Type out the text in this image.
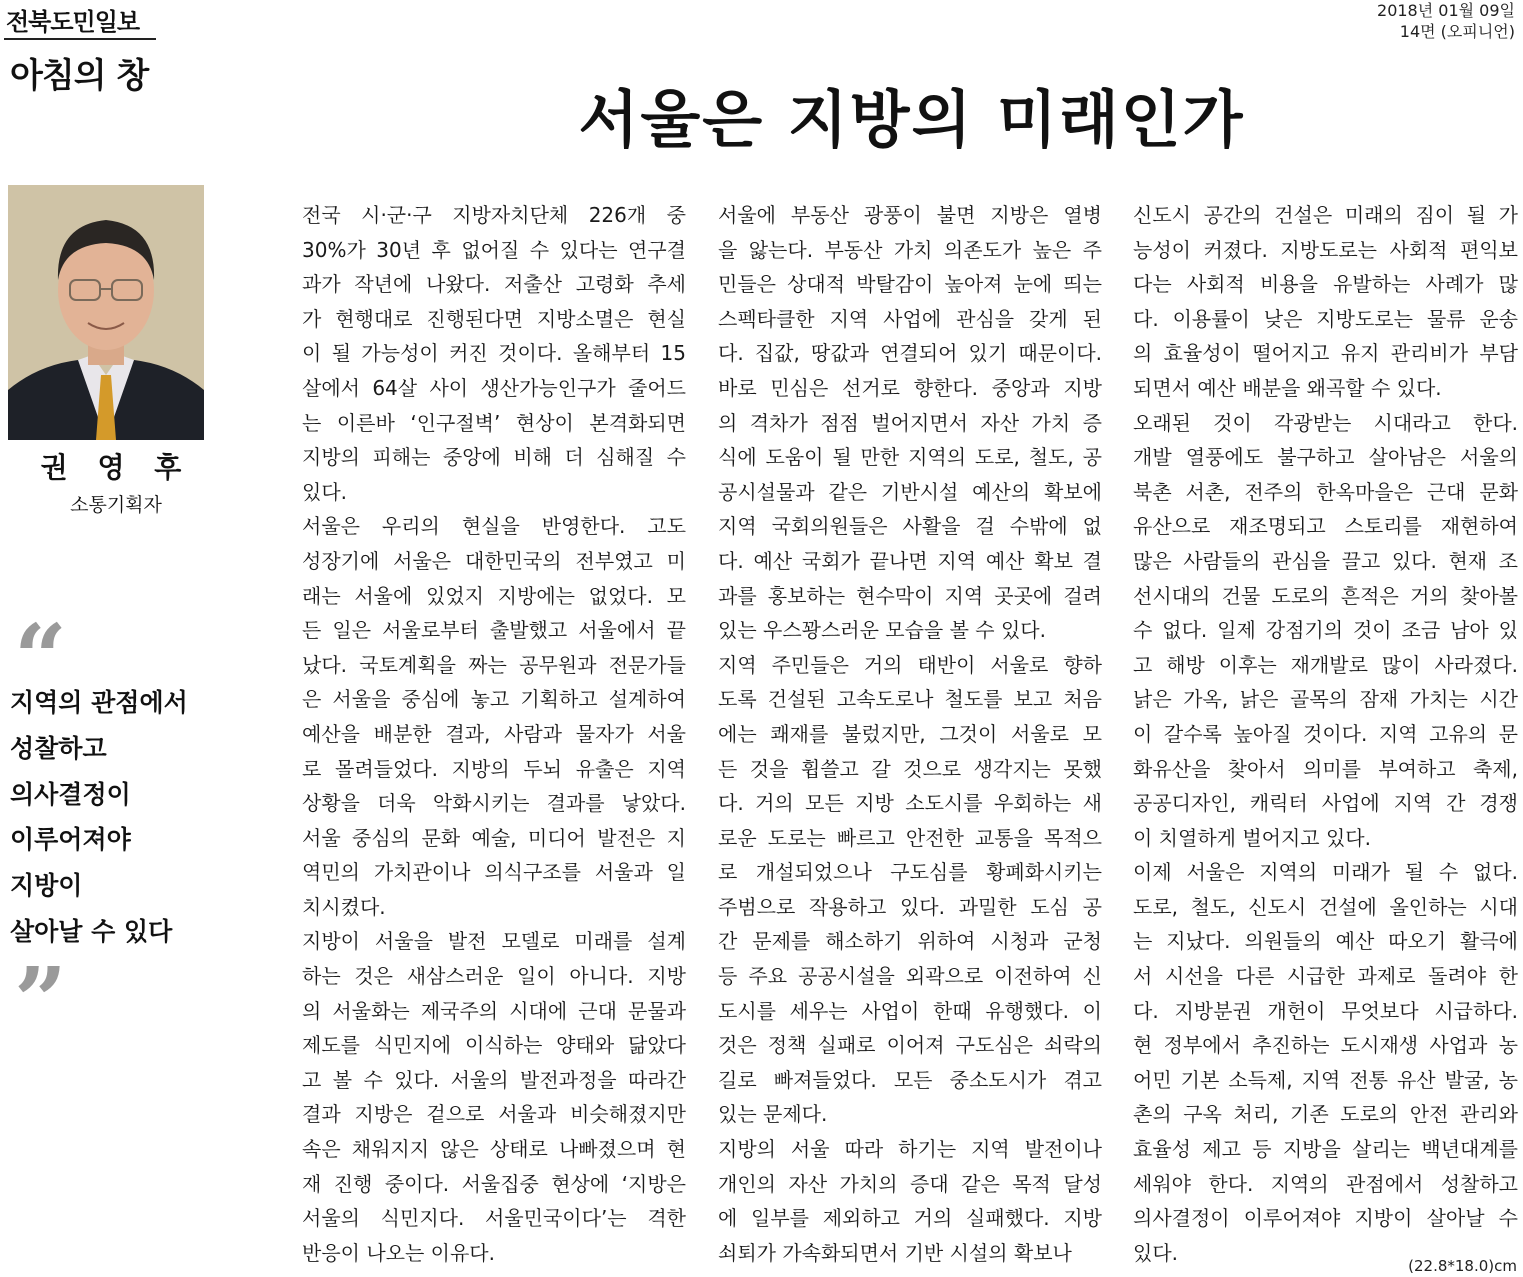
전북도민일보
아침의 창
2018년 01월 09일
14면 (오피니언)
서울은 지방의 미래인가
권 영 후
소통기획자
“
지역의 관점에서
성찰하고
의사결정이
이루어져야
지방이
살아날 수 있다
”
전국 시·군·구 지방자치단체 226개 중
30%가 30년 후 없어질 수 있다는 연구결
과가 작년에 나왔다. 저출산 고령화 추세
가 현행대로 진행된다면 지방소멸은 현실
이 될 가능성이 커진 것이다. 올해부터 15
살에서 64살 사이 생산가능인구가 줄어드
는 이른바 ‘인구절벽’ 현상이 본격화되면
지방의 피해는 중앙에 비해 더 심해질 수
있다.
서울은 우리의 현실을 반영한다. 고도
성장기에 서울은 대한민국의 전부였고 미
래는 서울에 있었지 지방에는 없었다. 모
든 일은 서울로부터 출발했고 서울에서 끝
났다. 국토계획을 짜는 공무원과 전문가들
은 서울을 중심에 놓고 기획하고 설계하여
예산을 배분한 결과, 사람과 물자가 서울
로 몰려들었다. 지방의 두뇌 유출은 지역
상황을 더욱 악화시키는 결과를 낳았다.
서울 중심의 문화 예술, 미디어 발전은 지
역민의 가치관이나 의식구조를 서울과 일
치시켰다.
지방이 서울을 발전 모델로 미래를 설계
하는 것은 새삼스러운 일이 아니다. 지방
의 서울화는 제국주의 시대에 근대 문물과
제도를 식민지에 이식하는 양태와 닮았다
고 볼 수 있다. 서울의 발전과정을 따라간
결과 지방은 겉으로 서울과 비슷해졌지만
속은 채워지지 않은 상태로 나빠졌으며 현
재 진행 중이다. 서울집중 현상에 ‘지방은
서울의 식민지다. 서울민국이다’는 격한
반응이 나오는 이유다.
서울에 부동산 광풍이 불면 지방은 열병
을 앓는다. 부동산 가치 의존도가 높은 주
민들은 상대적 박탈감이 높아져 눈에 띄는
스펙타클한 지역 사업에 관심을 갖게 된
다. 집값, 땅값과 연결되어 있기 때문이다.
바로 민심은 선거로 향한다. 중앙과 지방
의 격차가 점점 벌어지면서 자산 가치 증
식에 도움이 될 만한 지역의 도로, 철도, 공
공시설물과 같은 기반시설 예산의 확보에
지역 국회의원들은 사활을 걸 수밖에 없
다. 예산 국회가 끝나면 지역 예산 확보 결
과를 홍보하는 현수막이 지역 곳곳에 걸려
있는 우스꽝스러운 모습을 볼 수 있다.
지역 주민들은 거의 태반이 서울로 향하
도록 건설된 고속도로나 철도를 보고 처음
에는 쾌재를 불렀지만, 그것이 서울로 모
든 것을 휩쓸고 갈 것으로 생각지는 못했
다. 거의 모든 지방 소도시를 우회하는 새
로운 도로는 빠르고 안전한 교통을 목적으
로 개설되었으나 구도심를 황폐화시키는
주범으로 작용하고 있다. 과밀한 도심 공
간 문제를 해소하기 위하여 시청과 군청
등 주요 공공시설을 외곽으로 이전하여 신
도시를 세우는 사업이 한때 유행했다. 이
것은 정책 실패로 이어져 구도심은 쇠락의
길로 빠져들었다. 모든 중소도시가 겪고
있는 문제다.
지방의 서울 따라 하기는 지역 발전이나
개인의 자산 가치의 증대 같은 목적 달성
에 일부를 제외하고 거의 실패했다. 지방
쇠퇴가 가속화되면서 기반 시설의 확보나
신도시 공간의 건설은 미래의 짐이 될 가
능성이 커졌다. 지방도로는 사회적 편익보
다는 사회적 비용을 유발하는 사례가 많
다. 이용률이 낮은 지방도로는 물류 운송
의 효율성이 떨어지고 유지 관리비가 부담
되면서 예산 배분을 왜곡할 수 있다.
오래된 것이 각광받는 시대라고 한다.
개발 열풍에도 불구하고 살아남은 서울의
북촌 서촌, 전주의 한옥마을은 근대 문화
유산으로 재조명되고 스토리를 재현하여
많은 사람들의 관심을 끌고 있다. 현재 조
선시대의 건물 도로의 흔적은 거의 찾아볼
수 없다. 일제 강점기의 것이 조금 남아 있
고 해방 이후는 재개발로 많이 사라졌다.
낡은 가옥, 낡은 골목의 잠재 가치는 시간
이 갈수록 높아질 것이다. 지역 고유의 문
화유산을 찾아서 의미를 부여하고 축제,
공공디자인, 캐릭터 사업에 지역 간 경쟁
이 치열하게 벌어지고 있다.
이제 서울은 지역의 미래가 될 수 없다.
도로, 철도, 신도시 건설에 올인하는 시대
는 지났다. 의원들의 예산 따오기 활극에
서 시선을 다른 시급한 과제로 돌려야 한
다. 지방분권 개헌이 무엇보다 시급하다.
현 정부에서 추진하는 도시재생 사업과 농
어민 기본 소득제, 지역 전통 유산 발굴, 농
촌의 구옥 처리, 기존 도로의 안전 관리와
효율성 제고 등 지방을 살리는 백년대계를
세워야 한다. 지역의 관점에서 성찰하고
의사결정이 이루어져야 지방이 살아날 수
있다.
(22.8*18.0)cm
